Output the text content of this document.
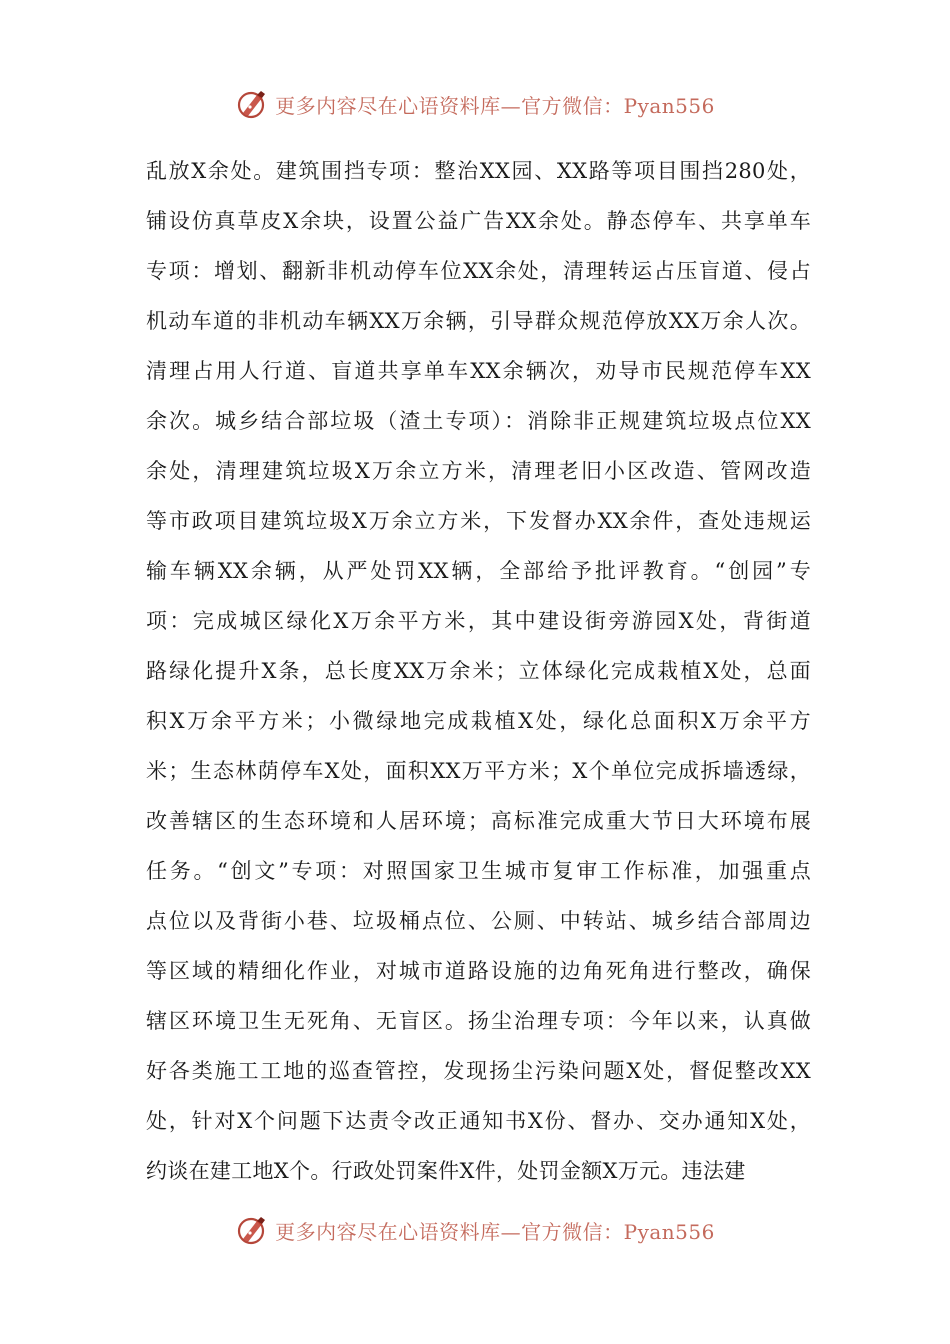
更多内容尽在心语资料库—官方微信：Pyan556
乱放X余处。建筑围挡专项：整治XX园、XX路等项目围挡280处，
铺设仿真草皮X余块，设置公益广告XX余处。静态停车、共享单车
专项：增划、翻新非机动停车位XX余处，清理转运占压盲道、侵占
机动车道的非机动车辆XX万余辆，引导群众规范停放XX万余人次。
清理占用人行道、盲道共享单车XX余辆次，劝导市民规范停车XX
余次。城乡结合部垃圾（渣土专项）：消除非正规建筑垃圾点位XX
余处，清理建筑垃圾X万余立方米，清理老旧小区改造、管网改造
等市政项目建筑垃圾X万余立方米，下发督办XX余件，查处违规运
输车辆XX余辆，从严处罚XX辆，全部给予批评教育。“创园”专
项：完成城区绿化X万余平方米，其中建设街旁游园X处，背街道
路绿化提升X条，总长度XX万余米；立体绿化完成栽植X处，总面
积X万余平方米；小微绿地完成栽植X处，绿化总面积X万余平方
米；生态林荫停车X处，面积XX万平方米；X个单位完成拆墙透绿，
改善辖区的生态环境和人居环境；高标准完成重大节日大环境布展
任务。“创文”专项：对照国家卫生城市复审工作标准，加强重点
点位以及背街小巷、垃圾桶点位、公厕、中转站、城乡结合部周边
等区域的精细化作业，对城市道路设施的边角死角进行整改，确保
辖区环境卫生无死角、无盲区。扬尘治理专项：今年以来，认真做
好各类施工工地的巡查管控，发现扬尘污染问题X处，督促整改XX
处，针对X个问题下达责令改正通知书X份、督办、交办通知X处，
约谈在建工地X个。行政处罚案件X件，处罚金额X万元。违法建
更多内容尽在心语资料库—官方微信：Pyan556
